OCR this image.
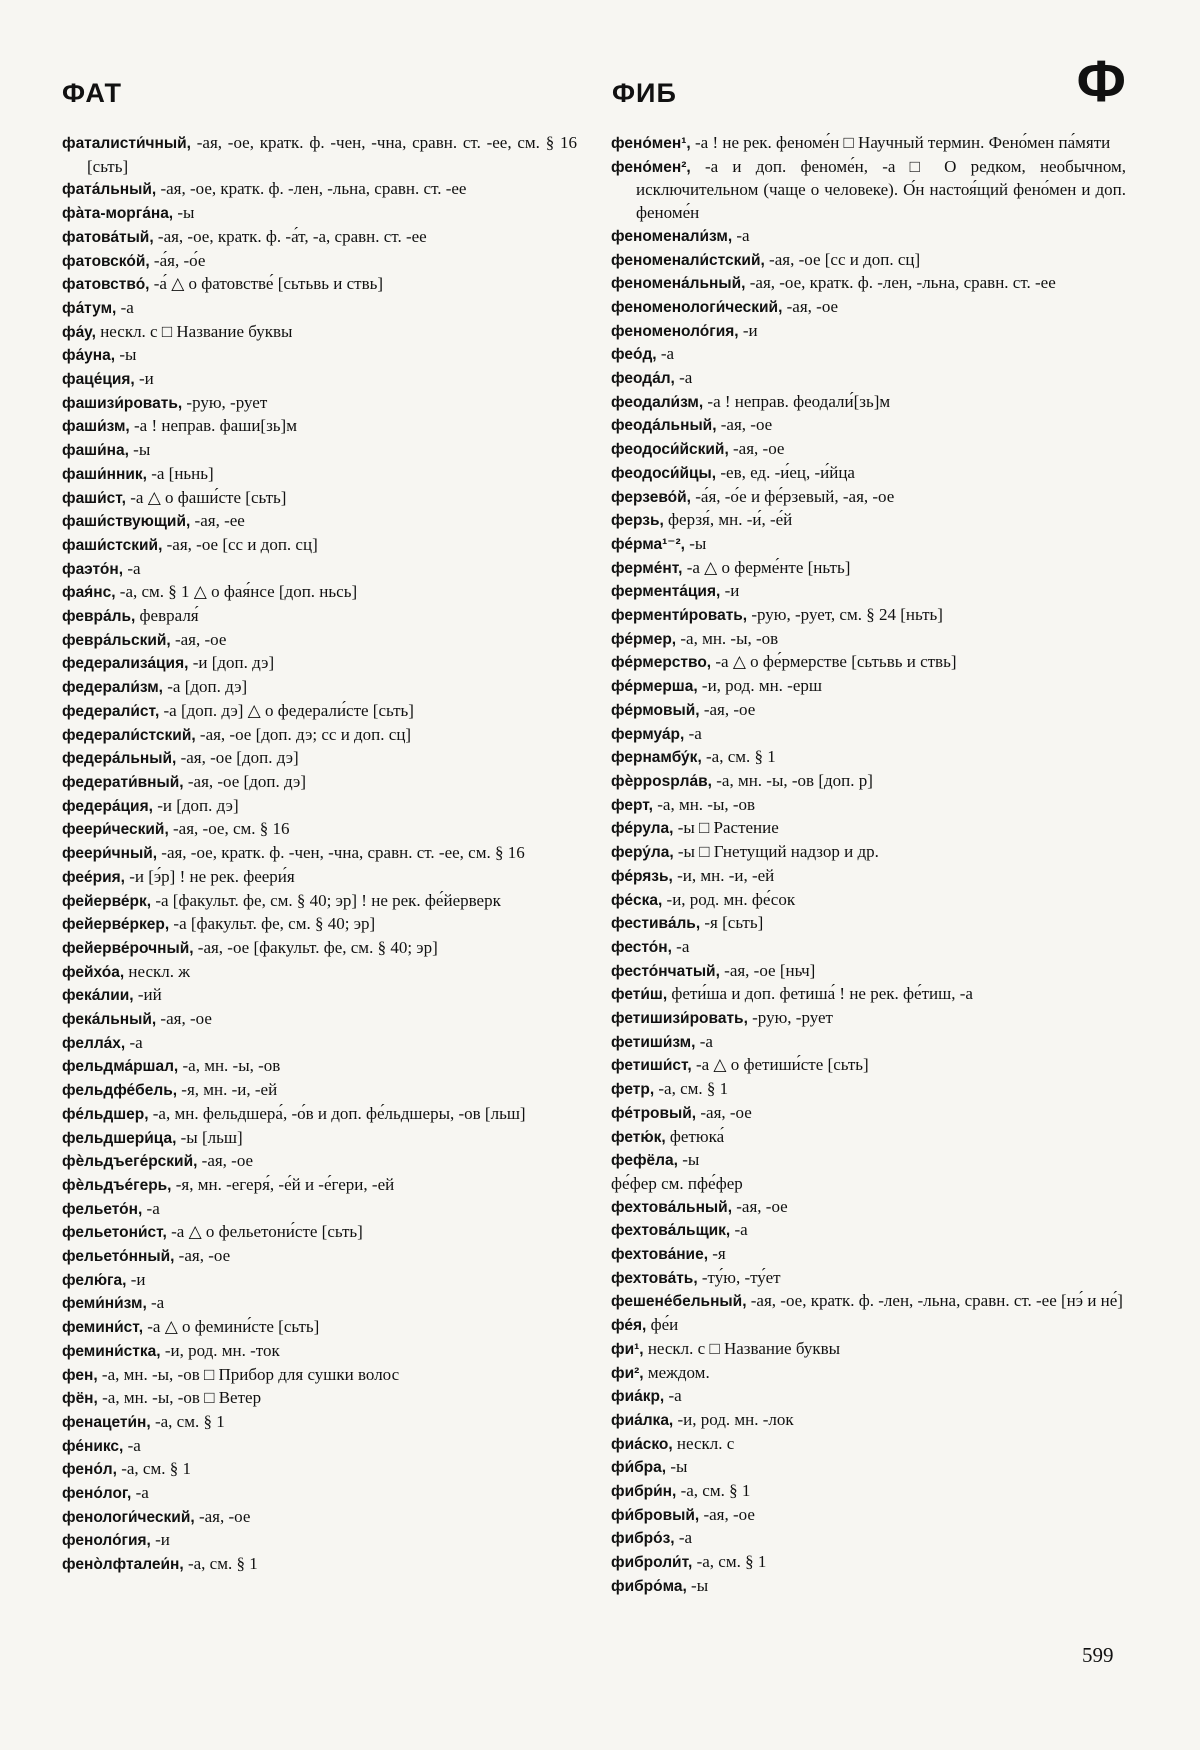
ФАТ	ФИБ	Ф
фаталисти́чный, -ая, -ое, кратк. ф. -чен, -чна, сравн. ст. -ее, см. § 16 [сьть]
фата́льный, -ая, -ое, кратк. ф. -лен, -льна, сравн. ст. -ее
фа̀та-морга́на, -ы
фатова́тый, -ая, -ое, кратк. ф. -а́т, -а, сравн. ст. -ее
фатовско́й, -а́я, -о́е
фатовство́, -а́ △ о фатовстве́ [сьтьвь и ствь]
фа́тум, -а
фа́у, нескл. с □ Название буквы
фа́уна, -ы
фаце́ция, -и
фашизи́ровать, -рую, -рует
фаши́зм, -а ! неправ. фаши[зь]м
фаши́на, -ы
фаши́нник, -а [ньнь]
фаши́ст, -а △ о фаши́сте [сьть]
фаши́ствующий, -ая, -ее
фаши́стский, -ая, -ое [сс и доп. сц]
фаэто́н, -а
фая́нс, -а, см. § 1 △ о фая́нсе [доп. ньсь]
февра́ль, февраля́
февра́льский, -ая, -ое
федерализа́ция, -и [доп. дэ]
федерали́зм, -а [доп. дэ]
федерали́ст, -а [доп. дэ] △ о федерали́сте [сьть]
федерали́стский, -ая, -ое [доп. дэ; сс и доп. сц]
федера́льный, -ая, -ое [доп. дэ]
федерати́вный, -ая, -ое [доп. дэ]
федера́ция, -и [доп. дэ]
феери́ческий, -ая, -ое, см. § 16
феери́чный, -ая, -ое, кратк. ф. -чен, -чна, сравн. ст. -ее, см. § 16
фее́рия, -и [э́р] ! не рек. феери́я
фейерве́рк, -а [факульт. фе, см. § 40; эр] ! не рек. фе́йерверк
фейерве́ркер, -а [факульт. фе, см. § 40; эр]
фейерве́рочный, -ая, -ое [факульт. фе, см. § 40; эр]
фейхо́а, нескл. ж
фека́лии, -ий
фека́льный, -ая, -ое
фелла́х, -а
фельдма́ршал, -а, мн. -ы, -ов
фельдфе́бель, -я, мн. -и, -ей
фе́льдшер, -а, мн. фельдшера́, -о́в и доп. фе́льдшеры, -ов [льш]
фельдшери́ца, -ы [льш]
фѐльдъеге́рский, -ая, -ое
фѐльдъе́герь, -я, мн. -егеря́, -е́й и -е́гери, -ей
фельето́н, -а
фельетони́ст, -а △ о фельетони́сте [сьть]
фельето́нный, -ая, -ое
фелю́га, -и
феми́ни́зм, -а
фемини́ст, -а △ о фемини́сте [сьть]
фемини́стка, -и, род. мн. -ток
фен, -а, мн. -ы, -ов □ Прибор для сушки волос
фён, -а, мн. -ы, -ов □ Ветер
фенацети́н, -а, см. § 1
фе́никс, -а
фено́л, -а, см. § 1
фено́лог, -а
фенологи́ческий, -ая, -ое
феноло́гия, -и
фено̀лфталеи́н, -а, см. § 1
фено́мен¹, -а ! не рек. феноме́н □ Научный термин. Фено́мен па́мяти
фено́мен², -а и доп. феноме́н, -а □ О редком, необычном, исключительном (чаще о человеке). О́н настоя́щий фено́мен и доп. феноме́н
феноменали́зм, -а
феноменали́стский, -ая, -ое [сс и доп. сц]
феномена́льный, -ая, -ое, кратк. ф. -лен, -льна, сравн. ст. -ее
феноменологи́ческий, -ая, -ое
феноменоло́гия, -и
фео́д, -а
феода́л, -а
феодали́зм, -а ! неправ. феодали́[зь]м
феода́льный, -ая, -ое
феодоси́йский, -ая, -ое
феодоси́йцы, -ев, ед. -и́ец, -и́йца
ферзево́й, -а́я, -о́е и фе́рзевый, -ая, -ое
ферзь, ферзя́, мн. -и́, -е́й
фе́рма¹⁻², -ы
ферме́нт, -а △ о ферме́нте [ньть]
фермента́ция, -и
ферменти́ровать, -рую, -рует, см. § 24 [ньть]
фе́рмер, -а, мн. -ы, -ов
фе́рмерство, -а △ о фе́рмерстве [сьтьвь и ствь]
фе́рмерша, -и, род. мн. -ерш
фе́рмовый, -ая, -ое
фермуа́р, -а
фернамбу́к, -а, см. § 1
фѐррospла́в, -а, мн. -ы, -ов [доп. р]
ферт, -а, мн. -ы, -ов
фе́рула, -ы □ Растение
феру́ла, -ы □ Гнетущий надзор и др.
фе́рязь, -и, мн. -и, -ей
фе́ска, -и, род. мн. фе́сок
фестива́ль, -я [сьть]
фесто́н, -а
фесто́нчатый, -ая, -ое [ньч]
фети́ш, фети́ша и доп. фетиша́ ! не рек. фе́тиш, -а
фетишизи́ровать, -рую, -рует
фетиши́зм, -а
фетиши́ст, -а △ о фетиши́сте [сьть]
фетр, -а, см. § 1
фе́тровый, -ая, -ое
фетю́к, фетюка́
фефёла, -ы
фе́фер см. пфе́фер
фехтова́льный, -ая, -ое
фехтова́льщик, -а
фехтова́ние, -я
фехтова́ть, -ту́ю, -ту́ет
фешене́бельный, -ая, -ое, кратк. ф. -лен, -льна, сравн. ст. -ее [нэ́ и не́]
фе́я, фе́и
фи¹, нескл. с □ Название буквы
фи², междом.
фиа́кр, -а
фиа́лка, -и, род. мн. -лок
фиа́ско, нескл. с
фи́бра, -ы
фибри́н, -а, см. § 1
фи́бровый, -ая, -ое
фибро́з, -а
фиброли́т, -а, см. § 1
фибро́ма, -ы
599
